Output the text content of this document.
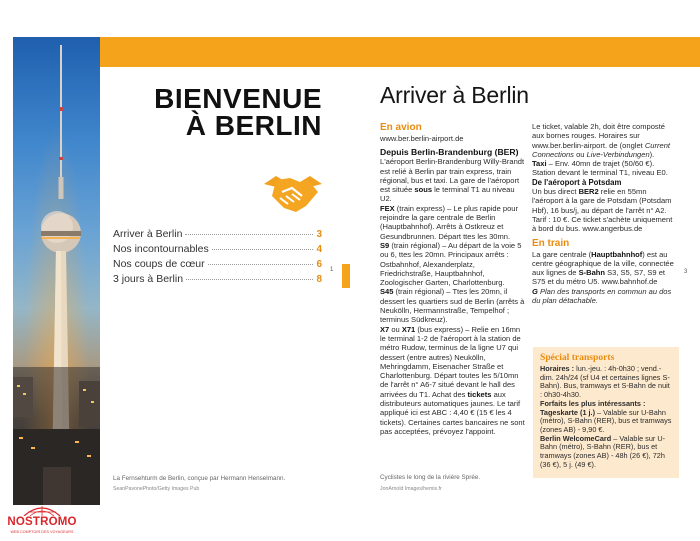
BIENVENUE
À BERLIN
Arriver à Berlin	3
Nos incontournables	4
Nos coups de cœur	6
3 jours à Berlin	8
La Fernsehturm de Berlin, conçue par Hermann Henselmann.
SeanPavonePhoto/Getty Images Pub
1	3
Arriver à Berlin
En avion

www.ber.berlin-airport.de

Depuis Berlin-Brandenburg (BER)

L'aéroport Berlin-Brandenburg Willy-Brandt est relié à Berlin par train express, train régional, bus et taxi. La gare de l'aéroport est située sous le terminal T1 au niveau U2.

FEX (train express) – Le plus rapide pour rejoindre la gare centrale de Berlin (Hauptbahnhof). Arrêts à Ostkreuz et Gesundbrunnen. Départ ttes les 30mn.

S9 (train régional) – Au départ de la voie 5 ou 6, ttes les 20mn. Principaux arrêts : Ostbahnhof, Alexanderplatz, Friedrichstraße, Hauptbahnhof, Zoologischer Garten, Charlottenburg.

S45 (train régional) – Ttes les 20mn, il dessert les quartiers sud de Berlin (arrêts à Neukölln, Hermannstraße, Tempelhof ; terminus Südkreuz).

X7 ou X71 (bus express) – Relie en 16mn le terminal 1-2 de l'aéroport à la station de métro Rudow, terminus de la ligne U7 qui dessert (entre autres) Neukölln, Mehringdamm, Eisenacher Straße et Charlottenburg. Départ toutes les 5/10mn de l'arrêt n° A6-7 situé devant le hall des arrivées du T1. Achat des tickets aux distributeurs automatiques jaunes. Le tarif appliqué ici est ABC : 4,40 € (15 € les 4 tickets). Certaines cartes bancaires ne sont pas acceptées, prévoyez l'appoint.

Le ticket, valable 2h, doit être composté aux bornes rouges. Horaires sur www.ber.berlin-airport. de (onglet Current Connections ou Live-Verbindungen).

Taxi – Env. 40mn de trajet (50/60 €). Station devant le terminal T1, niveau E0.

De l'aéroport à Potsdam

Un bus direct BER2 relie en 55mn l'aéroport à la gare de Potsdam (Potsdam Hbf), 16 bus/j, au départ de l'arrêt n° A2. Tarif : 10 €. Ce ticket s'achète uniquement à bord du bus. www.angerbus.de

En train

La gare centrale (Hauptbahnhof) est au centre géographique de la ville, connectée aux lignes de S-Bahn S3, S5, S7, S9 et S75 et du métro U5. www.bahnhof.de

G Plan des transports en commun au dos du plan détachable.

Spécial transports

Horaires : lun.-jeu. : 4h-0h30 ; vend.-dim. 24h/24 (sf U4 et certaines lignes S-Bahn). Bus, tramways et S-Bahn de nuit : 0h30-4h30.

Forfaits les plus intéressants :

Tageskarte (1 j.) – Valable sur U-Bahn (métro), S-Bahn (RER), bus et tramways (zones AB) - 9,90 €.

Berlin WelcomeCard – Valable sur U-Bahn (métro), S-Bahn (RER), bus et tramways (zones AB) - 48h (26 €), 72h (36 €), 5 j. (49 €).

Cyclistes le long de la rivière Sprée.
JonArnold Images/hemis.fr
NOSTROMO
WEB COMPTOIR DES VOYAGEURS
